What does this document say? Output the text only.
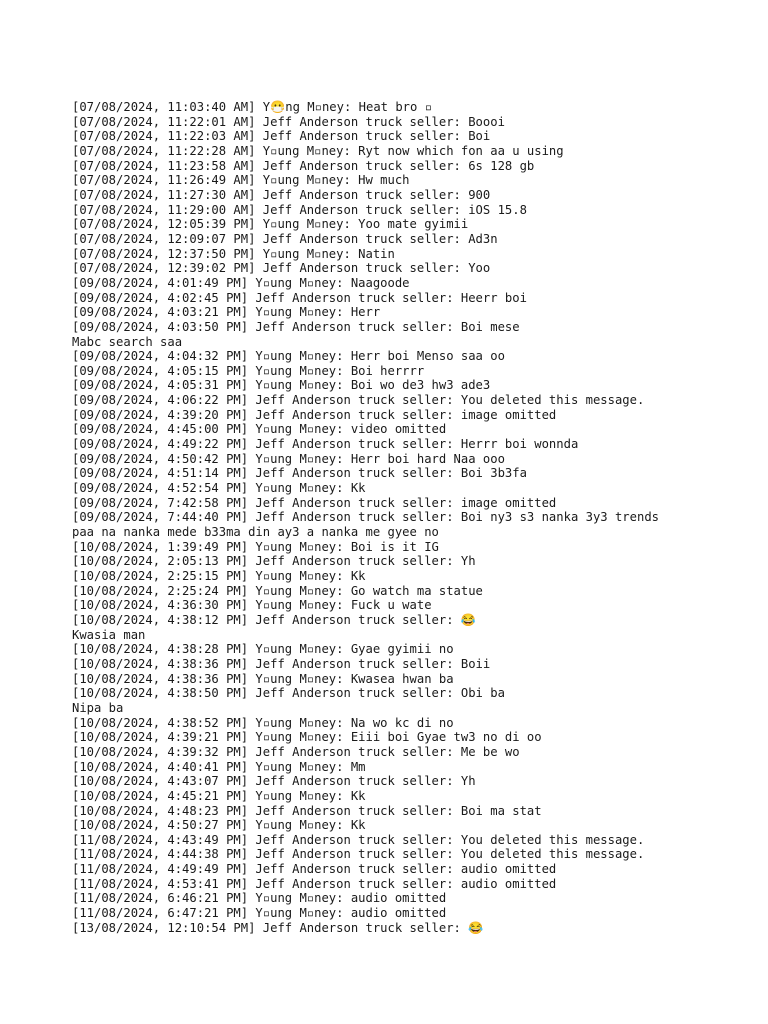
[07/08/2024, 11:03:40 AM] Y😷ng M▫ney: Heat bro ▫
[07/08/2024, 11:22:01 AM] Jeff Anderson truck seller: Boooi
[07/08/2024, 11:22:03 AM] Jeff Anderson truck seller: Boi
[07/08/2024, 11:22:28 AM] Y▫ung M▫ney: Ryt now which fon aa u using
[07/08/2024, 11:23:58 AM] Jeff Anderson truck seller: 6s 128 gb
[07/08/2024, 11:26:49 AM] Y▫ung M▫ney: Hw much
[07/08/2024, 11:27:30 AM] Jeff Anderson truck seller: 900
[07/08/2024, 11:29:00 AM] Jeff Anderson truck seller: iOS 15.8
[07/08/2024, 12:05:39 PM] Y▫ung M▫ney: Yoo mate gyimii
[07/08/2024, 12:09:07 PM] Jeff Anderson truck seller: Ad3n
[07/08/2024, 12:37:50 PM] Y▫ung M▫ney: Natin
[07/08/2024, 12:39:02 PM] Jeff Anderson truck seller: Yoo
[09/08/2024, 4:01:49 PM] Y▫ung M▫ney: Naagoode
[09/08/2024, 4:02:45 PM] Jeff Anderson truck seller: Heerr boi
[09/08/2024, 4:03:21 PM] Y▫ung M▫ney: Herr
[09/08/2024, 4:03:50 PM] Jeff Anderson truck seller: Boi mese
Mabc search saa
[09/08/2024, 4:04:32 PM] Y▫ung M▫ney: Herr boi Menso saa oo
[09/08/2024, 4:05:15 PM] Y▫ung M▫ney: Boi herrrr
[09/08/2024, 4:05:31 PM] Y▫ung M▫ney: Boi wo de3 hw3 ade3
[09/08/2024, 4:06:22 PM] Jeff Anderson truck seller: You deleted this message.
[09/08/2024, 4:39:20 PM] Jeff Anderson truck seller: image omitted
[09/08/2024, 4:45:00 PM] Y▫ung M▫ney: video omitted
[09/08/2024, 4:49:22 PM] Jeff Anderson truck seller: Herrr boi wonnda
[09/08/2024, 4:50:42 PM] Y▫ung M▫ney: Herr boi hard Naa ooo
[09/08/2024, 4:51:14 PM] Jeff Anderson truck seller: Boi 3b3fa
[09/08/2024, 4:52:54 PM] Y▫ung M▫ney: Kk
[09/08/2024, 7:42:58 PM] Jeff Anderson truck seller: image omitted
[09/08/2024, 7:44:40 PM] Jeff Anderson truck seller: Boi ny3 s3 nanka 3y3 trends
paa na nanka mede b33ma din ay3 a nanka me gyee no
[10/08/2024, 1:39:49 PM] Y▫ung M▫ney: Boi is it IG
[10/08/2024, 2:05:13 PM] Jeff Anderson truck seller: Yh
[10/08/2024, 2:25:15 PM] Y▫ung M▫ney: Kk
[10/08/2024, 2:25:24 PM] Y▫ung M▫ney: Go watch ma statue
[10/08/2024, 4:36:30 PM] Y▫ung M▫ney: Fuck u wate
[10/08/2024, 4:38:12 PM] Jeff Anderson truck seller: 😂
Kwasia man
[10/08/2024, 4:38:28 PM] Y▫ung M▫ney: Gyae gyimii no
[10/08/2024, 4:38:36 PM] Jeff Anderson truck seller: Boii
[10/08/2024, 4:38:36 PM] Y▫ung M▫ney: Kwasea hwan ba
[10/08/2024, 4:38:50 PM] Jeff Anderson truck seller: Obi ba
Nipa ba
[10/08/2024, 4:38:52 PM] Y▫ung M▫ney: Na wo kc di no
[10/08/2024, 4:39:21 PM] Y▫ung M▫ney: Eiii boi Gyae tw3 no di oo
[10/08/2024, 4:39:32 PM] Jeff Anderson truck seller: Me be wo
[10/08/2024, 4:40:41 PM] Y▫ung M▫ney: Mm
[10/08/2024, 4:43:07 PM] Jeff Anderson truck seller: Yh
[10/08/2024, 4:45:21 PM] Y▫ung M▫ney: Kk
[10/08/2024, 4:48:23 PM] Jeff Anderson truck seller: Boi ma stat
[10/08/2024, 4:50:27 PM] Y▫ung M▫ney: Kk
[11/08/2024, 4:43:49 PM] Jeff Anderson truck seller: You deleted this message.
[11/08/2024, 4:44:38 PM] Jeff Anderson truck seller: You deleted this message.
[11/08/2024, 4:49:49 PM] Jeff Anderson truck seller: audio omitted
[11/08/2024, 4:53:41 PM] Jeff Anderson truck seller: audio omitted
[11/08/2024, 6:46:21 PM] Y▫ung M▫ney: audio omitted
[11/08/2024, 6:47:21 PM] Y▫ung M▫ney: audio omitted
[13/08/2024, 12:10:54 PM] Jeff Anderson truck seller: 😂
